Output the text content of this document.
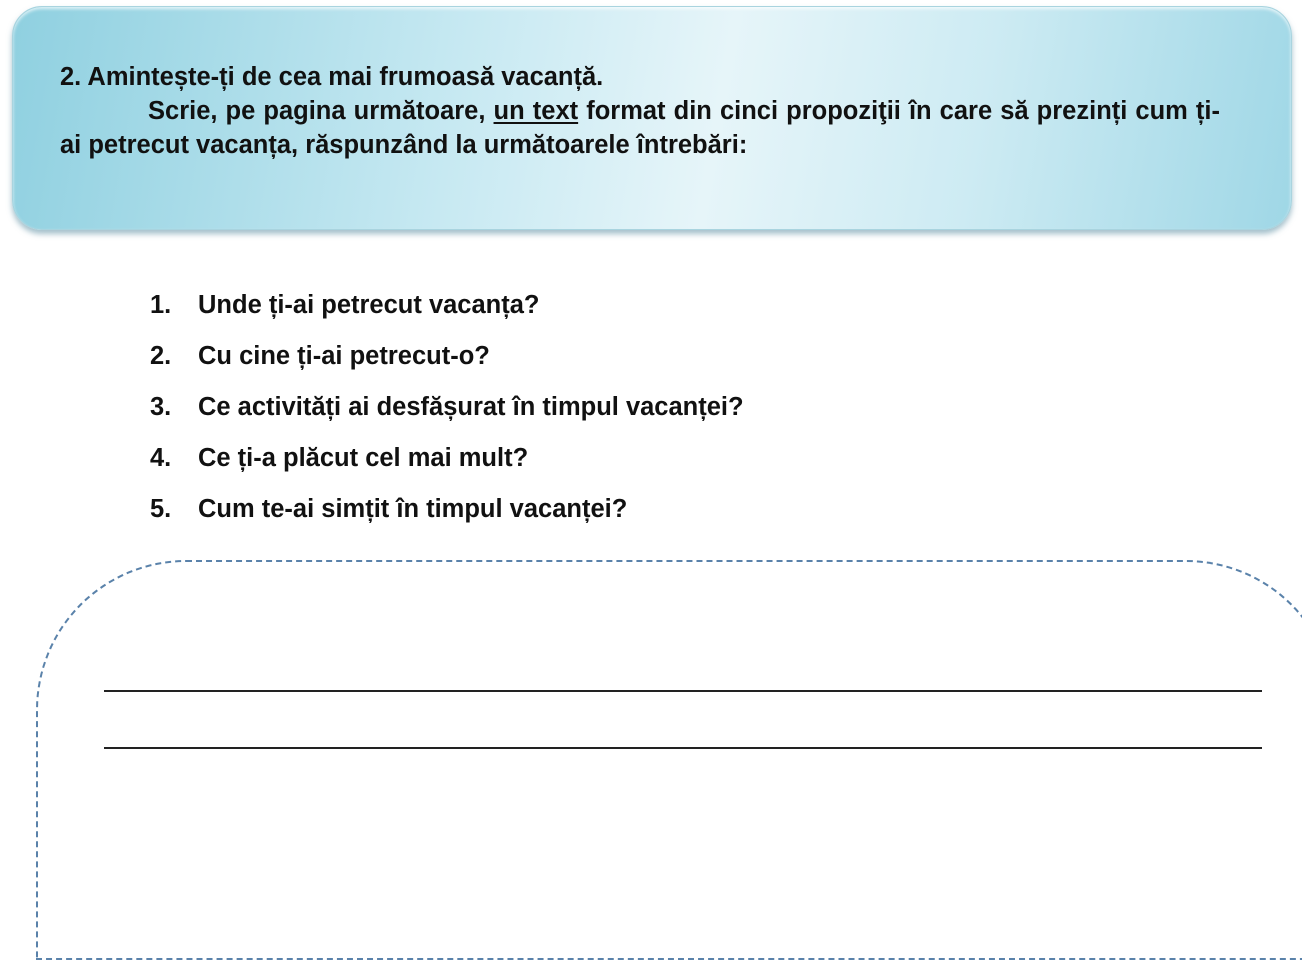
2. Amintește-ți de cea mai frumoasă vacanță.
Scrie, pe pagina următoare, un text format din cinci propoziţii în care să prezinți cum ți-ai petrecut vacanța, răspunzând la următoarele întrebări:
1. Unde ți-ai petrecut vacanța?
2. Cu cine ți-ai petrecut-o?
3. Ce activități ai desfășurat în timpul vacanței?
4. Ce ți-a plăcut cel mai mult?
5. Cum te-ai simțit în timpul vacanței?
